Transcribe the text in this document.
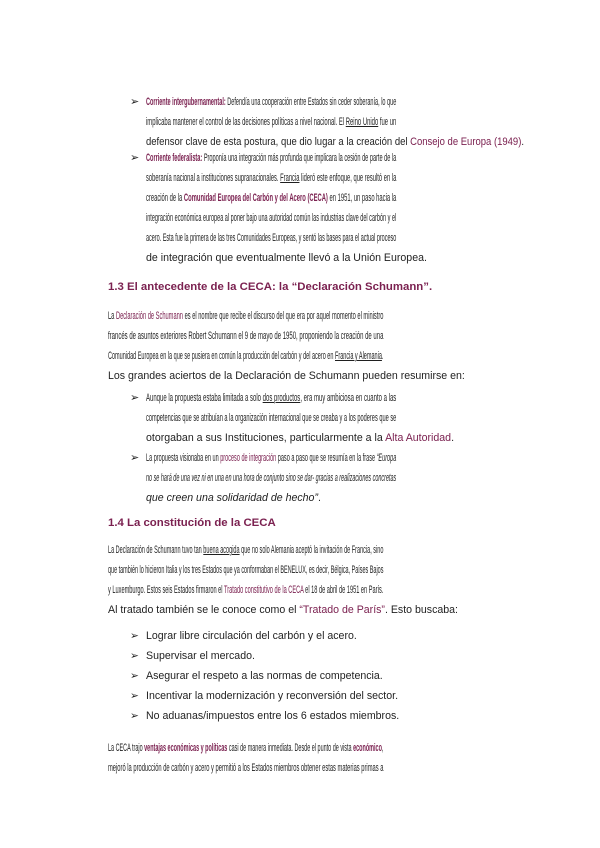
➢ Corriente intergubernamental: Defendía una cooperación entre Estados sin ceder soberanía, lo que
implicaba mantener el control de las decisiones políticas a nivel nacional. El Reino Unido fue un
defensor clave de esta postura, que dio lugar a la creación del Consejo de Europa (1949).
➢ Corriente federalista: Proponía una integración más profunda que implicara la cesión de parte de la
soberanía nacional a instituciones supranacionales. Francia lideró este enfoque, que resultó en la
creación de la Comunidad Europea del Carbón y del Acero (CECA) en 1951, un paso hacia la
integración económica europea al poner bajo una autoridad común las industrias clave del carbón y el
acero. Esta fue la primera de las tres Comunidades Europeas, y sentó las bases para el actual proceso
de integración que eventualmente llevó a la Unión Europea.
1.3 El antecedente de la CECA: la “Declaración Schumann”.
La Declaración de Schumann es el nombre que recibe el discurso del que era por aquel momento el ministro
francés de asuntos exteriores Robert Schumann el 9 de mayo de 1950, proponiendo la creación de una
Comunidad Europea en la que se pusiera en común la producción del carbón y del acero en Francia y Alemania.
Los grandes aciertos de la Declaración de Schumann pueden resumirse en:
➢ Aunque la propuesta estaba limitada a solo dos productos, era muy ambiciosa en cuanto a las
competencias que se atribuían a la organización internacional que se creaba y a los poderes que se
otorgaban a sus Instituciones, particularmente a la Alta Autoridad.
➢ La propuesta visionaba en un proceso de integración paso a paso que se resumía en la frase “Europa
no se hará de una vez ni en una en una hora de conjunto sino se dar- gracias a realizaciones concretas
que creen una solidaridad de hecho”.
1.4 La constitución de la CECA
La Declaración de Schumann tuvo tan buena acogida que no solo Alemania aceptó la invitación de Francia, sino
que también lo hicieron Italia y los tres Estados que ya conformaban el BENELUX, es decir, Bélgica, Países Bajos
y Luxemburgo. Estos seis Estados firmaron el Tratado constitutivo de la CECA el 18 de abril de 1951 en París.
Al tratado también se le conoce como el “Tratado de París”. Esto buscaba:
➢ Lograr libre circulación del carbón y el acero.
➢ Supervisar el mercado.
➢ Asegurar el respeto a las normas de competencia.
➢ Incentivar la modernización y reconversión del sector.
➢ No aduanas/impuestos entre los 6 estados miembros.
La CECA trajo ventajas económicas y políticas casi de manera inmediata. Desde el punto de vista económico,
mejoró la producción de carbón y acero y permitió a los Estados miembros obtener estas materias primas a
